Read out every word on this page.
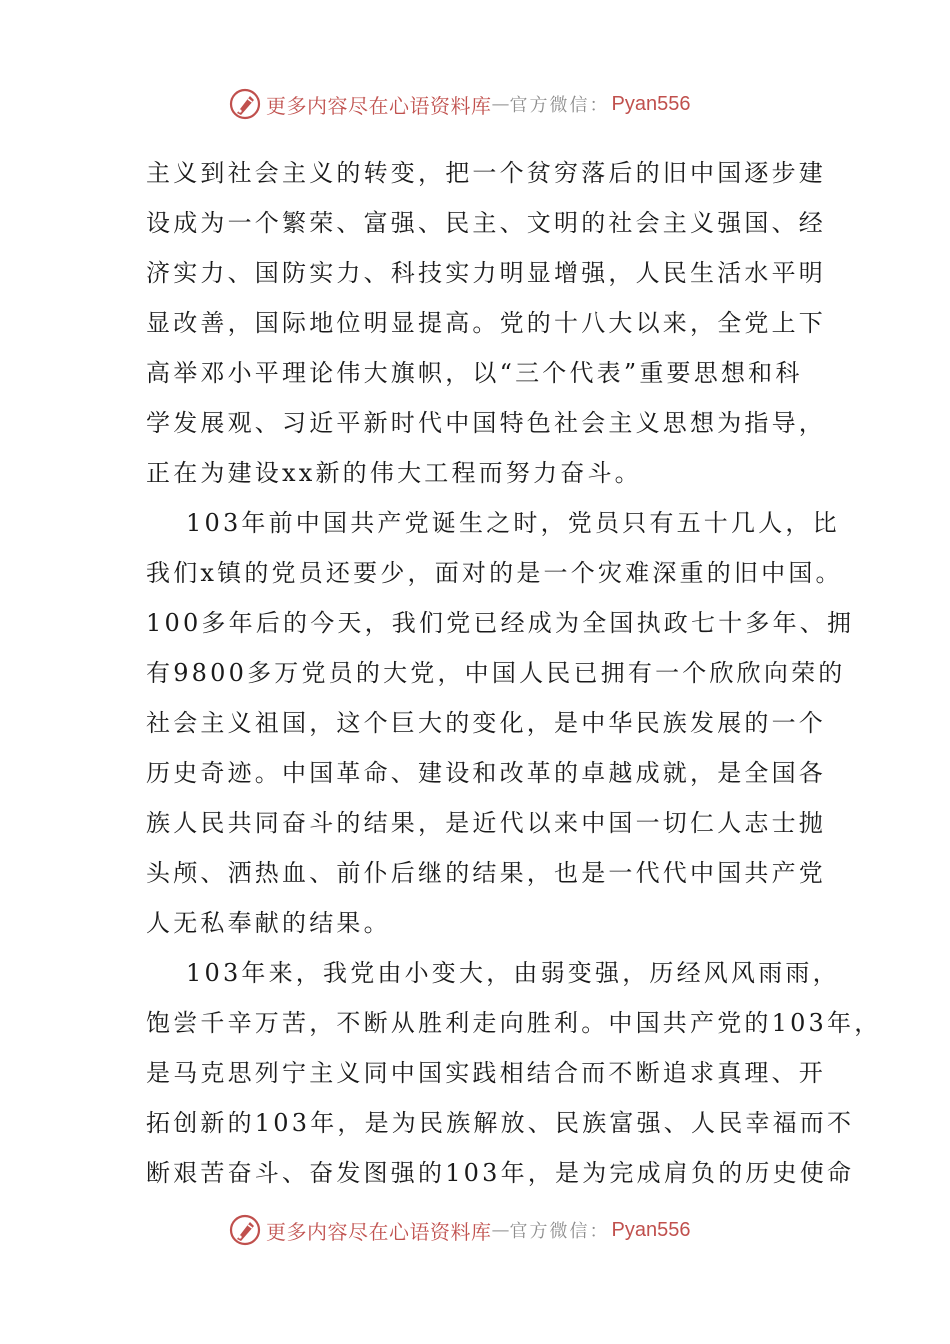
更多内容尽在心语资料库 — 官方微信： Pyan556
主义到社会主义的转变，把一个贫穷落后的旧中国逐步建
设成为一个繁荣、富强、民主、文明的社会主义强国、经
济实力、国防实力、科技实力明显增强，人民生活水平明
显改善，国际地位明显提高。党的十八大以来，全党上下
高举邓小平理论伟大旗帜，以“三个代表”重要思想和科
学发展观、习近平新时代中国特色社会主义思想为指导，
正在为建设xx新的伟大工程而努力奋斗。
103年前中国共产党诞生之时，党员只有五十几人，比
我们x镇的党员还要少，面对的是一个灾难深重的旧中国。
100多年后的今天，我们党已经成为全国执政七十多年、拥
有9800多万党员的大党，中国人民已拥有一个欣欣向荣的
社会主义祖国，这个巨大的变化，是中华民族发展的一个
历史奇迹。中国革命、建设和改革的卓越成就，是全国各
族人民共同奋斗的结果，是近代以来中国一切仁人志士抛
头颅、洒热血、前仆后继的结果，也是一代代中国共产党
人无私奉献的结果。
103年来，我党由小变大，由弱变强，历经风风雨雨，
饱尝千辛万苦，不断从胜利走向胜利。中国共产党的103年，
是马克思列宁主义同中国实践相结合而不断追求真理、开
拓创新的103年，是为民族解放、民族富强、人民幸福而不
断艰苦奋斗、奋发图强的103年，是为完成肩负的历史使命
更多内容尽在心语资料库 — 官方微信： Pyan556
